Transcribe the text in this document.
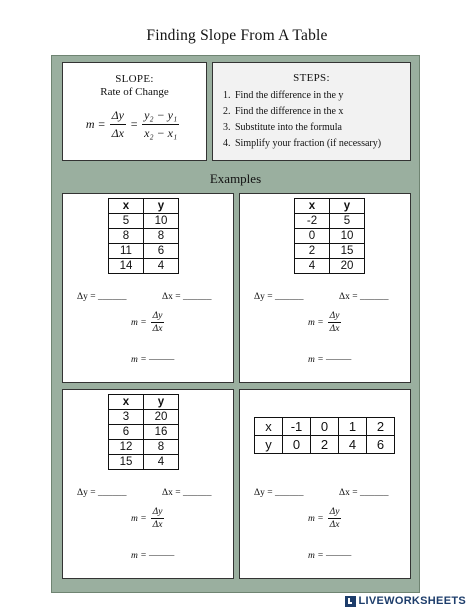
Finding Slope From A Table
SLOPE:
Rate of Change
$m = \frac{\Delta y}{\Delta x} = \frac{\text{y₂ − y₁}}{\text{x₂ − x₁}}$
STEPS:
1. Find the difference in the y
2. Find the difference in the x
3. Substitute into the formula
4. Simplify your fraction (if necessary)
Examples
x	y
5	10
8	8
11	6
14	4
Δy = ______	Δx = ______
$m = \frac{\Delta y}{\Delta x}$
m = ———
x	y
-2	5
0	10
2	15
4	20
Δy = ______	Δx = ______
$m = \frac{\Delta y}{\Delta x}$
m = ———
x	y
3	20
6	16
12	8
15	4
Δy = ______	Δx = ______
$m = \frac{\Delta y}{\Delta x}$
m = ———
x	-1	0	1	2
y	0	2	4	6
Δy = ______	Δx = ______
$m = \frac{\Delta y}{\Delta x}$
m = ———
LIVEWORKSHEETS
